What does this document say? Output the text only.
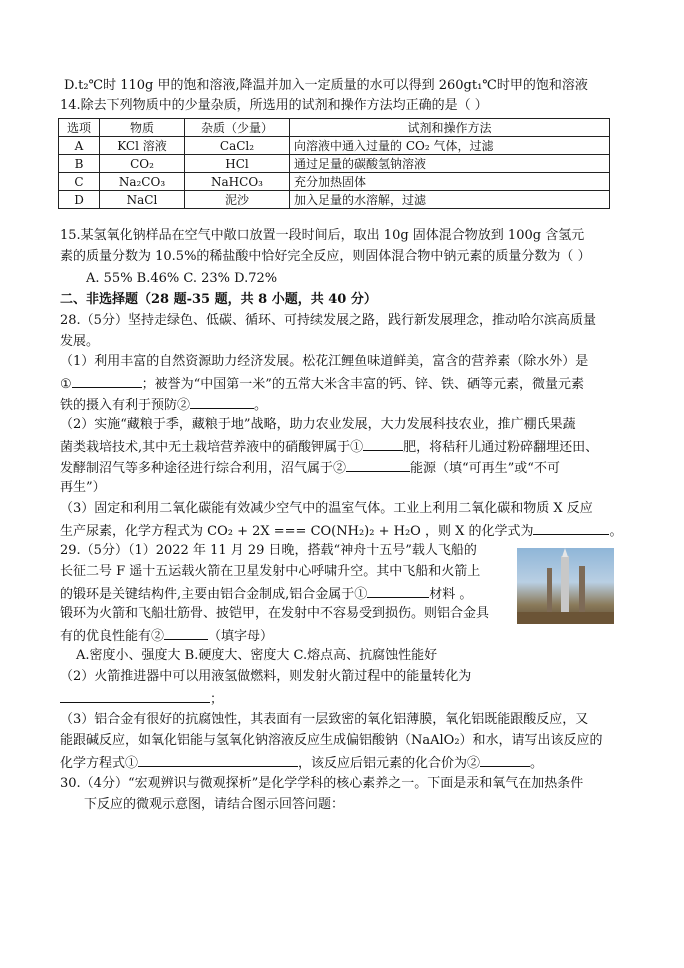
D.t₂℃时 110g 甲的饱和溶液,降温并加入一定质量的水可以得到 260gt₁℃时甲的饱和溶液
14.除去下列物质中的少量杂质，所选用的试剂和操作方法均正确的是（ ）
选项	物质	杂质（少量）	试剂和操作方法
A	KCl 溶液	CaCl₂	向溶液中通入过量的 CO₂ 气体，过滤
B	CO₂	HCl	通过足量的碳酸氢钠溶液
C	Na₂CO₃	NaHCO₃	充分加热固体
D	NaCl	泥沙	加入足量的水溶解，过滤
15.某氢氧化钠样品在空气中敞口放置一段时间后，取出 10g 固体混合物放到 100g 含氢元
素的质量分数为 10.5%的稀盐酸中恰好完全反应，则固体混合物中钠元素的质量分数为（ ）
A. 55% B.46% C. 23% D.72%
二、非选择题（28 题-35 题，共 8 小题，共 40 分）
28.（5分）坚持走绿色、低碳、循环、可持续发展之路，践行新发展理念，推动哈尔滨高质量
发展。
（1）利用丰富的自然资源助力经济发展。松花江鲤鱼味道鲜美，富含的营养素（除水外）是
①	；被誉为“中国第一米”的五常大米含丰富的钙、锌、铁、硒等元素，微量元素
铁的摄入有利于预防②	。
（2）实施“藏粮于季，藏粮于地”战略，助力农业发展，大力发展科技农业，推广棚氏果蔬
菌类栽培技术,其中无土栽培营养液中的硝酸钾属于①	肥，将秸秆儿通过粉碎翻埋还田、
发酵制沼气等多种途径进行综合利用，沼气属于②	能源（填“可再生”或“不可
再生”）
（3）固定和利用二氧化碳能有效减少空气中的温室气体。工业上利用二氧化碳和物质 X 反应
生产尿素，化学方程式为 CO₂ + 2X === CO(NH₂)₂ + H₂O ，则 X 的化学式为	。
29.（5分）（1）2022 年 11 月 29 日晚，搭载“神舟十五号”载人飞船的
长征二号 F 遥十五运载火箭在卫星发射中心呼啸升空。其中飞船和火箭上
的锻环是关键结构件,主要由铝合金制成,铝合金属于①	材料 。
锻环为火箭和飞船壮筋骨、披铠甲，在发射中不容易受到损伤。则铝合金具
有的优良性能有②	（填字母）
A.密度小、强度大 B.硬度大、密度大 C.熔点高、抗腐蚀性能好
（2）火箭推进器中可以用液氢做燃料，则发射火箭过程中的能量转化为
；
（3）铝合金有很好的抗腐蚀性，其表面有一层致密的氧化铝薄膜，氧化铝既能跟酸反应，又
能跟碱反应，如氧化铝能与氢氧化钠溶液反应生成偏铝酸钠（NaAlO₂）和水，请写出该反应的
化学方程式①	，该反应后铝元素的化合价为②	。
30.（4分）“宏观辨识与微观探析”是化学学科的核心素养之一。下面是汞和氧气在加热条件
下反应的微观示意图，请结合图示回答问题：
